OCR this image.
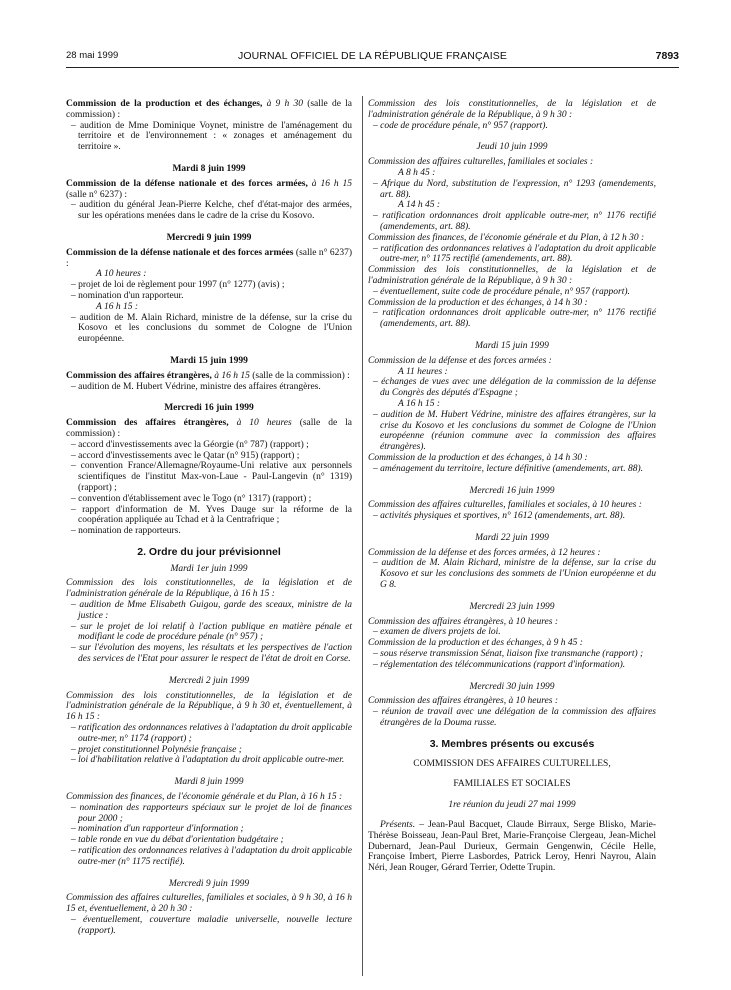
28 mai 1999	JOURNAL OFFICIEL DE LA RÉPUBLIQUE FRANÇAISE	7893

Commission de la production et des échanges, à 9 h 30 (salle de la commission) :

– audition de Mme Dominique Voynet, ministre de l'aménagement du territoire et de l'environnement : « zonages et aménagement du territoire ».

Mardi 8 juin 1999

Commission de la défense nationale et des forces armées, à 16 h 15 (salle n° 6237) :

– audition du général Jean-Pierre Kelche, chef d'état-major des armées, sur les opérations menées dans le cadre de la crise du Kosovo.

Mercredi 9 juin 1999

Commission de la défense nationale et des forces armées (salle n° 6237) :

A 10 heures :

– projet de loi de règlement pour 1997 (n° 1277) (avis) ;

– nomination d'un rapporteur.

A 16 h 15 :

– audition de M. Alain Richard, ministre de la défense, sur la crise du Kosovo et les conclusions du sommet de Cologne de l'Union européenne.

Mardi 15 juin 1999

Commission des affaires étrangères, à 16 h 15 (salle de la commission) :

– audition de M. Hubert Védrine, ministre des affaires étrangères.

Mercredi 16 juin 1999

Commission des affaires étrangères, à 10 heures (salle de la commission) :

– accord d'investissements avec la Géorgie (n° 787) (rapport) ;

– accord d'investissements avec le Qatar (n° 915) (rapport) ;

– convention France/Allemagne/Royaume-Uni relative aux personnels scientifiques de l'institut Max-von-Laue - Paul-Langevin (n° 1319) (rapport) ;

– convention d'établissement avec le Togo (n° 1317) (rapport) ;

– rapport d'information de M. Yves Dauge sur la réforme de la coopération appliquée au Tchad et à la Centrafrique ;

– nomination de rapporteurs.

2. Ordre du jour prévisionnel

Mardi 1er juin 1999

Commission des lois constitutionnelles, de la législation et de l'administration générale de la République, à 16 h 15 :

– audition de Mme Elisabeth Guigou, garde des sceaux, ministre de la justice :

– sur le projet de loi relatif à l'action publique en matière pénale et modifiant le code de procédure pénale (n° 957) ;

– sur l'évolution des moyens, les résultats et les perspectives de l'action des services de l'Etat pour assurer le respect de l'état de droit en Corse.

Mercredi 2 juin 1999

Commission des lois constitutionnelles, de la législation et de l'administration générale de la République, à 9 h 30 et, éventuellement, à 16 h 15 :

– ratification des ordonnances relatives à l'adaptation du droit applicable outre-mer, n° 1174 (rapport) ;

– projet constitutionnel Polynésie française ;

– loi d'habilitation relative à l'adaptation du droit applicable outre-mer.

Mardi 8 juin 1999

Commission des finances, de l'économie générale et du Plan, à 16 h 15 :

– nomination des rapporteurs spéciaux sur le projet de loi de finances pour 2000 ;

– nomination d'un rapporteur d'information ;

– table ronde en vue du débat d'orientation budgétaire ;

– ratification des ordonnances relatives à l'adaptation du droit applicable outre-mer (n° 1175 rectifié).

Mercredi 9 juin 1999

Commission des affaires culturelles, familiales et sociales, à 9 h 30, à 16 h 15 et, éventuellement, à 20 h 30 :

– éventuellement, couverture maladie universelle, nouvelle lecture (rapport).

Commission des lois constitutionnelles, de la législation et de l'administration générale de la République, à 9 h 30 :

– code de procédure pénale, n° 957 (rapport).

Jeudi 10 juin 1999

Commission des affaires culturelles, familiales et sociales :

A 8 h 45 :

– Afrique du Nord, substitution de l'expression, n° 1293 (amendements, art. 88).

A 14 h 45 :

– ratification ordonnances droit applicable outre-mer, n° 1176 rectifié (amendements, art. 88).

Commission des finances, de l'économie générale et du Plan, à 12 h 30 :

– ratification des ordonnances relatives à l'adaptation du droit applicable outre-mer, n° 1175 rectifié (amendements, art. 88).

Commission des lois constitutionnelles, de la législation et de l'administration générale de la République, à 9 h 30 :

– éventuellement, suite code de procédure pénale, n° 957 (rapport).

Commission de la production et des échanges, à 14 h 30 :

– ratification ordonnances droit applicable outre-mer, n° 1176 rectifié (amendements, art. 88).

Mardi 15 juin 1999

Commission de la défense et des forces armées :

A 11 heures :

– échanges de vues avec une délégation de la commission de la défense du Congrès des députés d'Espagne ;

A 16 h 15 :

– audition de M. Hubert Védrine, ministre des affaires étrangères, sur la crise du Kosovo et les conclusions du sommet de Cologne de l'Union européenne (réunion commune avec la commission des affaires étrangères).

Commission de la production et des échanges, à 14 h 30 :

– aménagement du territoire, lecture définitive (amendements, art. 88).

Mercredi 16 juin 1999

Commission des affaires culturelles, familiales et sociales, à 10 heures :

– activités physiques et sportives, n° 1612 (amendements, art. 88).

Mardi 22 juin 1999

Commission de la défense et des forces armées, à 12 heures :

– audition de M. Alain Richard, ministre de la défense, sur la crise du Kosovo et sur les conclusions des sommets de l'Union européenne et du G 8.

Mercredi 23 juin 1999

Commission des affaires étrangères, à 10 heures :

– examen de divers projets de loi.

Commission de la production et des échanges, à 9 h 45 :

– sous réserve transmission Sénat, liaison fixe transmanche (rapport) ;

– réglementation des télécommunications (rapport d'information).

Mercredi 30 juin 1999

Commission des affaires étrangères, à 10 heures :

– réunion de travail avec une délégation de la commission des affaires étrangères de la Douma russe.

3. Membres présents ou excusés

COMMISSION DES AFFAIRES CULTURELLES,

FAMILIALES ET SOCIALES

1re réunion du jeudi 27 mai 1999

Présents. – Jean-Paul Bacquet, Claude Birraux, Serge Blisko, Marie-Thérèse Boisseau, Jean-Paul Bret, Marie-Françoise Clergeau, Jean-Michel Dubernard, Jean-Paul Durieux, Germain Gengenwin, Cécile Helle, Françoise Imbert, Pierre Lasbordes, Patrick Leroy, Henri Nayrou, Alain Néri, Jean Rouger, Gérard Terrier, Odette Trupin.
